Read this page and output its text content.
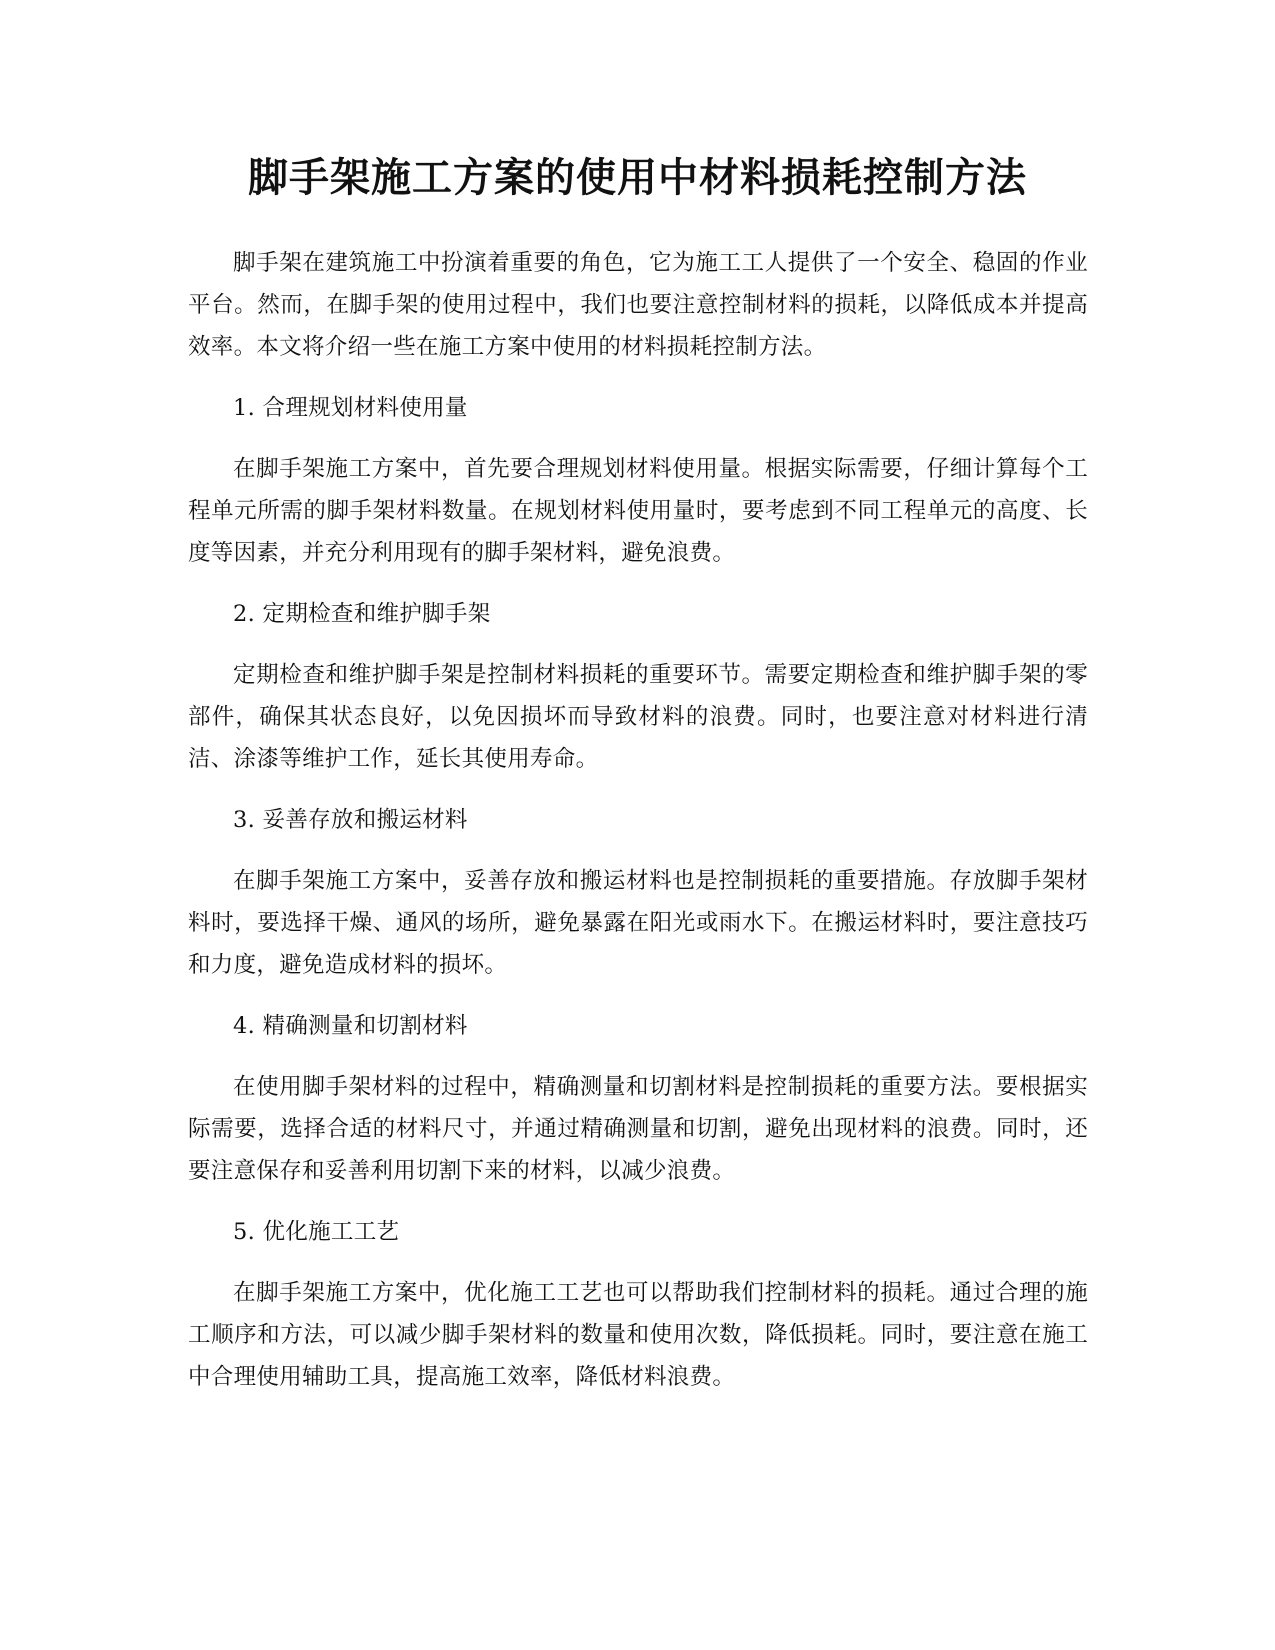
脚手架施工方案的使用中材料损耗控制方法

脚手架在建筑施工中扮演着重要的角色，它为施工工人提供了一个安全、稳固的作业平台。然而，在脚手架的使用过程中，我们也要注意控制材料的损耗，以降低成本并提高效率。本文将介绍一些在施工方案中使用的材料损耗控制方法。

1. 合理规划材料使用量

在脚手架施工方案中，首先要合理规划材料使用量。根据实际需要，仔细计算每个工程单元所需的脚手架材料数量。在规划材料使用量时，要考虑到不同工程单元的高度、长度等因素，并充分利用现有的脚手架材料，避免浪费。

2. 定期检查和维护脚手架

定期检查和维护脚手架是控制材料损耗的重要环节。需要定期检查和维护脚手架的零部件，确保其状态良好，以免因损坏而导致材料的浪费。同时，也要注意对材料进行清洁、涂漆等维护工作，延长其使用寿命。

3. 妥善存放和搬运材料

在脚手架施工方案中，妥善存放和搬运材料也是控制损耗的重要措施。存放脚手架材料时，要选择干燥、通风的场所，避免暴露在阳光或雨水下。在搬运材料时，要注意技巧和力度，避免造成材料的损坏。

4. 精确测量和切割材料

在使用脚手架材料的过程中，精确测量和切割材料是控制损耗的重要方法。要根据实际需要，选择合适的材料尺寸，并通过精确测量和切割，避免出现材料的浪费。同时，还要注意保存和妥善利用切割下来的材料，以减少浪费。

5. 优化施工工艺

在脚手架施工方案中，优化施工工艺也可以帮助我们控制材料的损耗。通过合理的施工顺序和方法，可以减少脚手架材料的数量和使用次数，降低损耗。同时，要注意在施工中合理使用辅助工具，提高施工效率，降低材料浪费。
